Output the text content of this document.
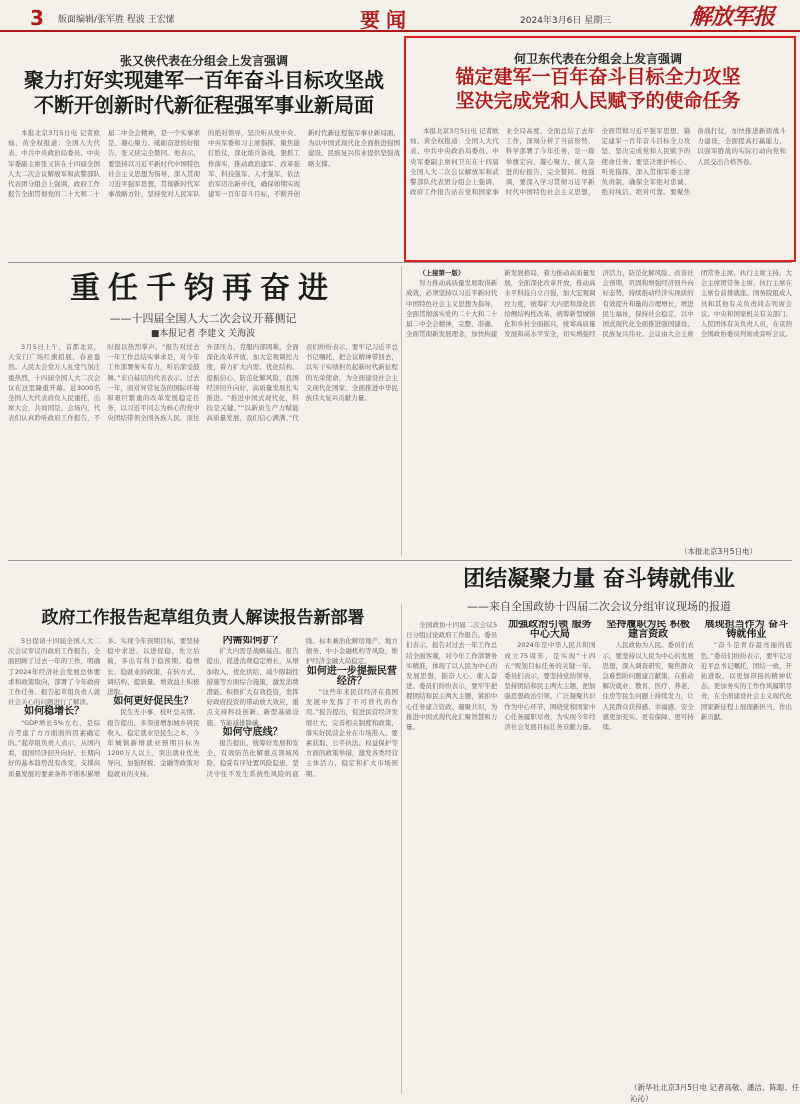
3 版面编辑/张军胜 程波 王宏愫	要闻	2024年3月6日 星期三	解放军报
张又侠代表在分组会上发言强调
聚力打好实现建军一百年奋斗目标攻坚战
不断开创新时代新征程强军事业新局面

本报北京3月5日电 记者欧灿、黄全权报道：全国人大代表、中共中央政治局委员、中央军委副主席张又侠在十四届全国人大二次会议解放军和武警部队代表团分组会上强调，政府工作报告全面贯彻党的二十大和二十届二中全会精神，是一个实事求是、凝心聚力、砥砺奋进的好报告，张又侠完全赞同。他表示，要坚持以习近平新时代中国特色社会主义思想为指导，深入贯彻习近平强军思想，贯彻新时代军事战略方针，坚持党对人民军队的绝对领导，坚决听从党中央、中央军委和习主席指挥，聚焦能打胜仗，深化练兵备战，狠抓工作落实，推动政治建军、改革强军、科技强军、人才强军、依法治军迈出新步伐，确保如期实现建军一百年奋斗目标，不断开创新时代新征程强军事业新局面，为以中国式现代化全面推进强国建设、民族复兴伟业提供坚强战略支撑。

何卫东代表在分组会上发言强调
锚定建军一百年奋斗目标全力攻坚
坚决完成党和人民赋予的使命任务

本报北京3月5日电 记者欧灿、黄全权报道：全国人大代表、中共中央政治局委员、中央军委副主席何卫东在十四届全国人大二次会议解放军和武警部队代表团分组会上强调，政府工作报告站在党和国家事业全局高度，全面总结了去年工作，深刻分析了当前形势，科学部署了今年任务，是一篇举旗定向、凝心聚力、催人奋进的好报告，完全赞同。他强调，要深入学习贯彻习近平新时代中国特色社会主义思想，全面贯彻习近平强军思想，锚定建军一百年奋斗目标全力攻坚，坚决完成党和人民赋予的使命任务。要坚决维护核心、听党指挥，深入贯彻军委主席负责制，确保全军绝对忠诚、绝对纯洁、绝对可靠。要聚焦备战打仗，加快推进新质战斗力建设，全面提高打赢能力，以强军胜战的实际行动向党和人民交出合格答卷。

重任千钧再奋进
——十四届全国人大二次会议开幕侧记
■本报记者 李建文 关海波

3月5日上午，首都北京，天安门广场红旗招展、春意盎然。人民大会堂万人礼堂气氛庄重热烈，十四届全国人大二次会议在这里隆重开幕。近3000名全国人大代表肩负人民重托，出席大会，共商国是。会场内，代表们认真聆听政府工作报告，不时报以热烈掌声。“报告对过去一年工作总结实事求是，对今年工作部署务实有力，听后深受鼓舞。”来自基层的代表表示。过去一年，面对异常复杂的国际环境和艰巨繁重的改革发展稳定任务，以习近平同志为核心的党中央团结带领全国各族人民，顶住外部压力、克服内部困难，全面深化改革开放，加大宏观调控力度，着力扩大内需、优化结构、提振信心、防范化解风险，我国经济回升向好，高质量发展扎实推进。“推进中国式现代化，科技是关键。”“以新质生产力赋能高质量发展，我们信心满满。”代表们纷纷表示，要牢记习近平总书记嘱托，把会议精神带回去，以实干实绩担负起新时代新征程的光荣使命，为全面建设社会主义现代化国家、全面推进中华民族伟大复兴贡献力量。

（上接第一版）

努力推动高质量发展取得新成效，必须坚持以习近平新时代中国特色社会主义思想为指导，全面贯彻落实党的二十大和二十届二中全会精神，完整、准确、全面贯彻新发展理念，加快构建新发展格局，着力推动高质量发展，全面深化改革开放，推动高水平科技自立自强，加大宏观调控力度，统筹扩大内需和深化供给侧结构性改革，统筹新型城镇化和乡村全面振兴，统筹高质量发展和高水平安全，切实增强经济活力、防范化解风险、改善社会预期，巩固和增强经济回升向好态势，持续推动经济实现质的有效提升和量的合理增长，增进民生福祉，保持社会稳定，以中国式现代化全面推进强国建设、民族复兴伟业。会议由大会主席团常务主席、执行主席主持。大会主席团常务主席、执行主席在主席台前排就座。国务院组成人员和其他有关负责同志列席会议。中央和国家机关有关部门、人民团体有关负责人员，在京的全国政协委员列席或旁听会议。

（本报北京3月5日电）
团结凝聚力量 奋斗铸就伟业
——来自全国政协十四届二次会议分组审议现场的报道
政府工作报告起草组负责人解读报告新部署

5日提请十四届全国人大二次会议审议的政府工作报告，全面回顾了过去一年的工作，明确了2024年经济社会发展总体要求和政策取向，部署了今年政府工作任务。报告起草组负责人就社会关心的问题进行了解读。

如何稳增长？

“GDP增长5%左右，是综合考虑了方方面面的因素确定的。”起草组负责人表示，从国内看，我国经济回升向好、长期向好的基本趋势没有改变，支撑高质量发展的要素条件不断积累增多。实现今年预期目标，要坚持稳中求进、以进促稳、先立后破，多出有利于稳预期、稳增长、稳就业的政策，在转方式、调结构、提质量、增效益上积极进取。

如何更好促民生？

民生无小事，枝叶总关情。报告提出，多渠道增加城乡居民收入，稳定就业是民生之本，今年城镇新增就业预期目标为1200万人以上，突出就业优先导向，加强财税、金融等政策对稳就业的支持。

内需如何扩？

扩大内需是战略基点。报告提出，促进消费稳定增长，从增加收入、优化供给、减少限制性措施等方面综合施策，激发消费潜能。积极扩大有效投资，发挥好政府投资的带动放大效应，重点支持科技创新、新型基础设施、节能减排降碳。

如何守底线？

报告提出，统筹好发展和安全，有效防范化解重点领域风险，稳妥有序处置风险隐患，坚决守住不发生系统性风险的底线。标本兼治化解房地产、地方债务、中小金融机构等风险，维护经济金融大局稳定。

如何进一步提振民营经济？

“这些年来民营经济在我国发展中发挥了不可替代的作用。”报告提出，促进民营经济发展壮大，完善相关制度和政策，落实好民营企业在市场准入、要素获取、公平执法、权益保护等方面的政策举措，激发各类经营主体活力，稳定和扩大市场预期。

全国政协十四届二次会议5日分组讨论政府工作报告。委员们表示，报告对过去一年工作总结全面客观，对今年工作部署务实精准，体现了以人民为中心的发展思想，振奋人心、催人奋进。委员们纷纷表示，要牢牢把握团结和民主两大主题，紧扣中心任务建言资政、凝聚共识，为推进中国式现代化汇聚智慧和力量。

加强政治引领 服务中心大局

2024年是中华人民共和国成立75周年，是实现“十四五”规划目标任务的关键一年。委员们表示，要坚持党的领导，坚持团结和民主两大主题，把加强思想政治引领、广泛凝聚共识作为中心环节，围绕党和国家中心任务履职尽责，为实现今年经济社会发展目标任务贡献力量。

坚持履职为民 积极建言资政

人民政协为人民。委员们表示，要坚持以人民为中心的发展思想，深入调查研究，聚焦群众急难愁盼问题建言献策，在推动解决就业、教育、医疗、养老、住房等民生问题上持续发力，让人民群众获得感、幸福感、安全感更加充实、更有保障、更可持续。

展现担当作为 奋斗铸就伟业

“奋斗是青春最亮丽的底色。”委员们纷纷表示，要牢记习近平总书记嘱托，团结一致、开拓进取，以更加昂扬的精神状态、更加务实的工作作风履职尽责，在全面建设社会主义现代化国家新征程上展现新担当、作出新贡献。

（新华社北京3月5日电 记者高敬、潘洁、陈聪、任沁沁）
